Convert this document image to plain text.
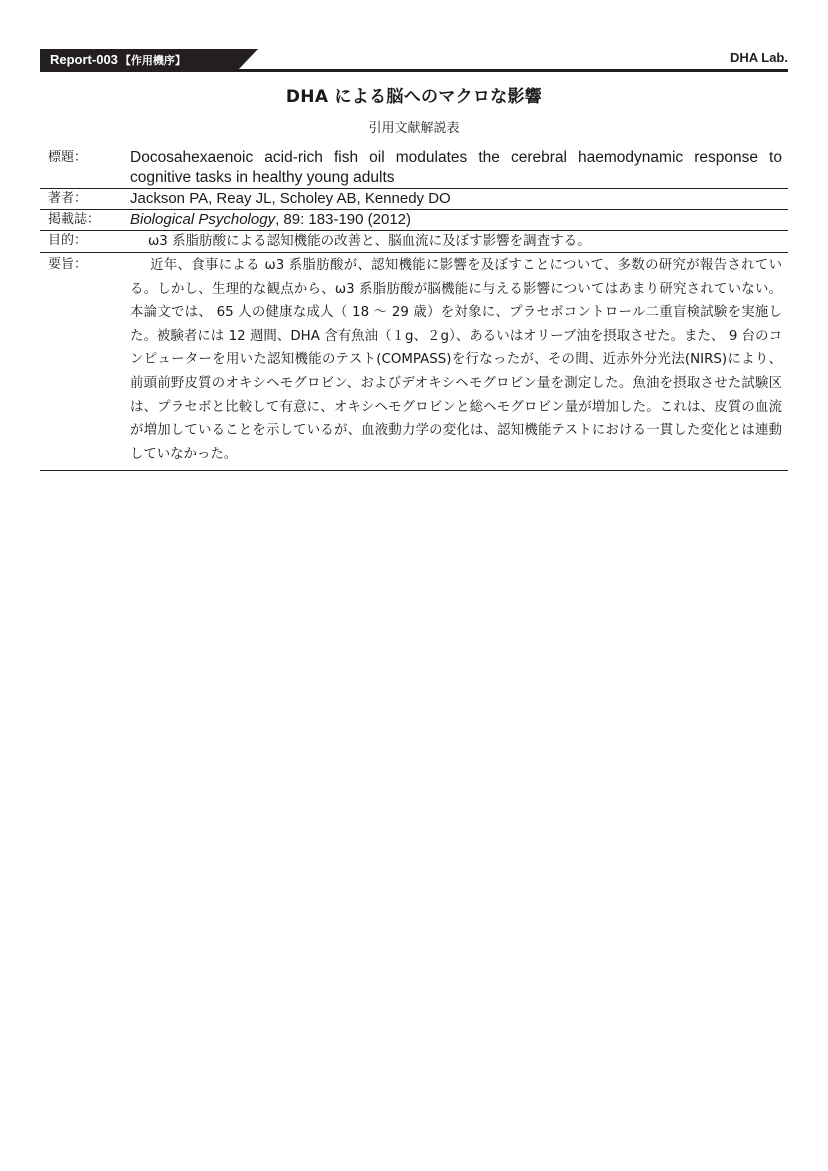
Report-003 【作用機序】	DHA Lab.
DHA による脳へのマクロな影響
引用文献解説表
標題：	Docosahexaenoic acid-rich fish oil modulates the cerebral haemodynamic response to cognitive tasks in healthy young adults
著者：	Jackson PA, Reay JL, Scholey AB, Kennedy DO
掲載誌：	Biological Psychology, 89: 183-190 (2012)
目的：	ω3 系脂肪酸による認知機能の改善と、脳血流に及ぼす影響を調査する。
要旨：	近年、食事による ω3 系脂肪酸が、認知機能に影響を及ぼすことについて、多数の研究が報告されている。しかし、生理的な観点から、ω3 系脂肪酸が脳機能に与える影響についてはあまり研究されていない。本論文では、 65 人の健康な成人（ 18 〜 29 歳）を対象に、プラセボコントロール二重盲検試験を実施した。被験者には 12 週間、DHA 含有魚油（１g、２g）、あるいはオリーブ油を摂取させた。また、 9 台のコンピューターを用いた認知機能のテスト(COMPASS)を行なったが、その間、近赤外分光法(NIRS)により、前頭前野皮質のオキシヘモグロビン、およびデオキシヘモグロビン量を測定した。魚油を摂取させた試験区は、プラセボと比較して有意に、オキシヘモグロビンと総ヘモグロビン量が増加した。これは、皮質の血流が増加していることを示しているが、血液動力学の変化は、認知機能テストにおける一貫した変化とは連動していなかった。
